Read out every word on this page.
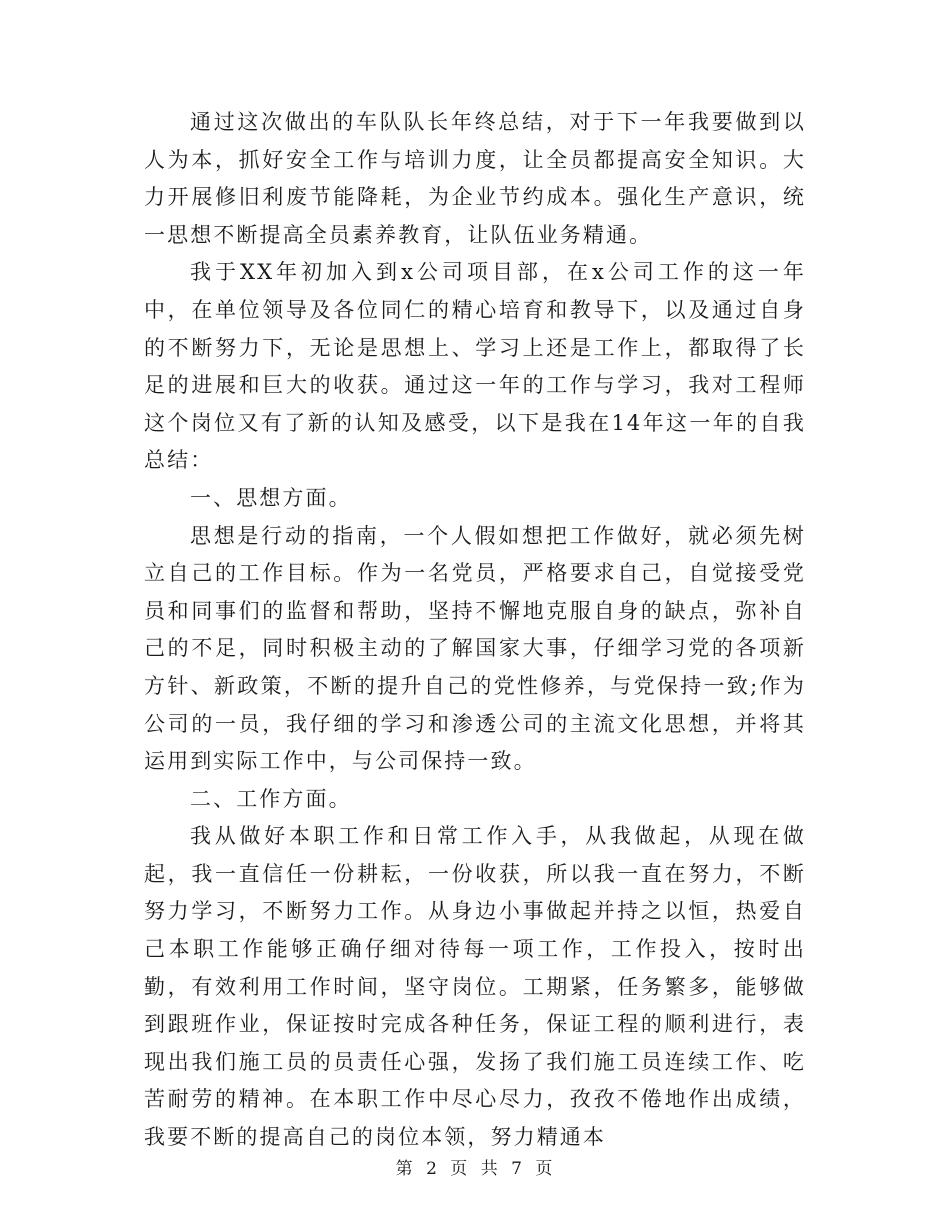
通过这次做出的车队队长年终总结，对于下一年我要做到以人为本，抓好安全工作与培训力度，让全员都提高安全知识。大力开展修旧利废节能降耗，为企业节约成本。强化生产意识，统一思想不断提高全员素养教育，让队伍业务精通。

我于XX年初加入到x公司项目部，在x公司工作的这一年中，在单位领导及各位同仁的精心培育和教导下，以及通过自身的不断努力下，无论是思想上、学习上还是工作上，都取得了长足的进展和巨大的收获。通过这一年的工作与学习，我对工程师这个岗位又有了新的认知及感受，以下是我在14年这一年的自我总结：

一、思想方面。

思想是行动的指南，一个人假如想把工作做好，就必须先树立自己的工作目标。作为一名党员，严格要求自己，自觉接受党员和同事们的监督和帮助，坚持不懈地克服自身的缺点，弥补自己的不足，同时积极主动的了解国家大事，仔细学习党的各项新方针、新政策，不断的提升自己的党性修养，与党保持一致;作为公司的一员，我仔细的学习和渗透公司的主流文化思想，并将其运用到实际工作中，与公司保持一致。

二、工作方面。

我从做好本职工作和日常工作入手，从我做起，从现在做起，我一直信任一份耕耘，一份收获，所以我一直在努力，不断努力学习，不断努力工作。从身边小事做起并持之以恒，热爱自己本职工作能够正确仔细对待每一项工作，工作投入，按时出勤，有效利用工作时间，坚守岗位。工期紧，任务繁多，能够做到跟班作业，保证按时完成各种任务，保证工程的顺利进行，表现出我们施工员的员责任心强，发扬了我们施工员连续工作、吃苦耐劳的精神。在本职工作中尽心尽力，孜孜不倦地作出成绩，我要不断的提高自己的岗位本领，努力精通本

第 2 页 共 7 页
